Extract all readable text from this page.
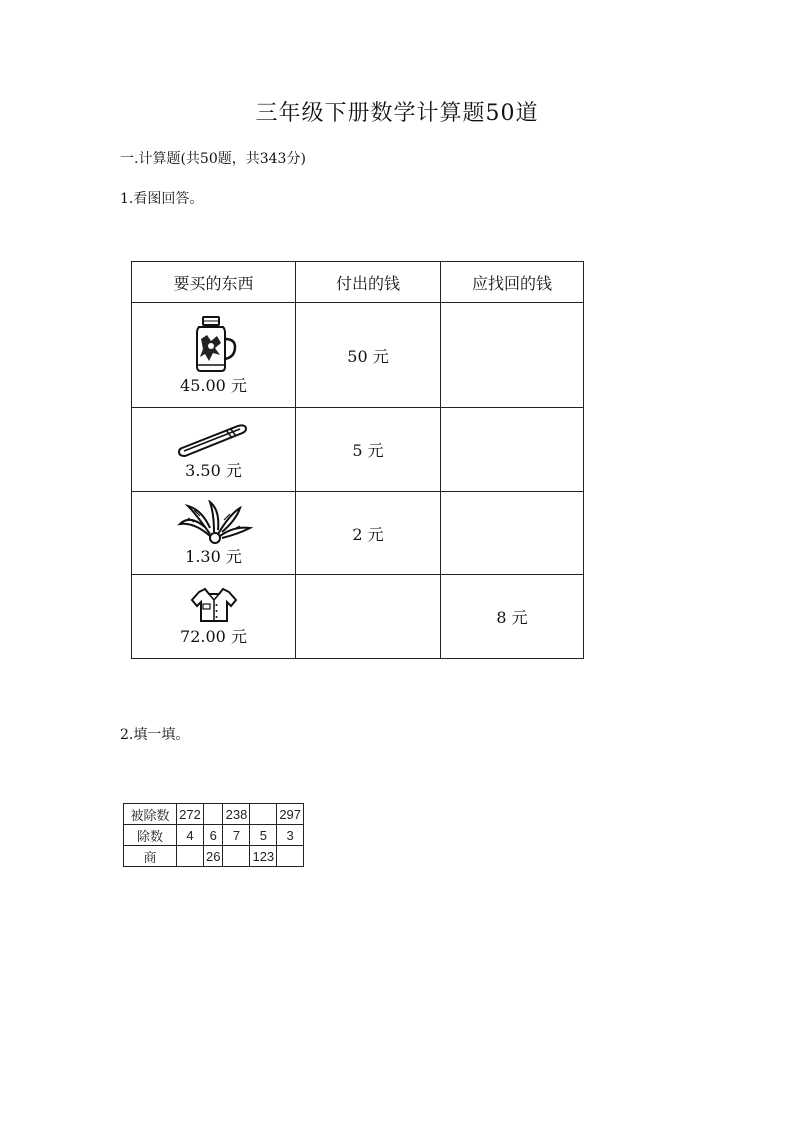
三年级下册数学计算题50道
一.计算题(共50题，共343分)
1.看图回答。
要买的东西	付出的钱	应找回的钱

45.00 元	50 元	

3.50 元	5 元	

1.30 元	2 元	

72.00 元		8 元
2.填一填。
被除数	272		238		297
除数	4	6	7	5	3
商		26		123	
